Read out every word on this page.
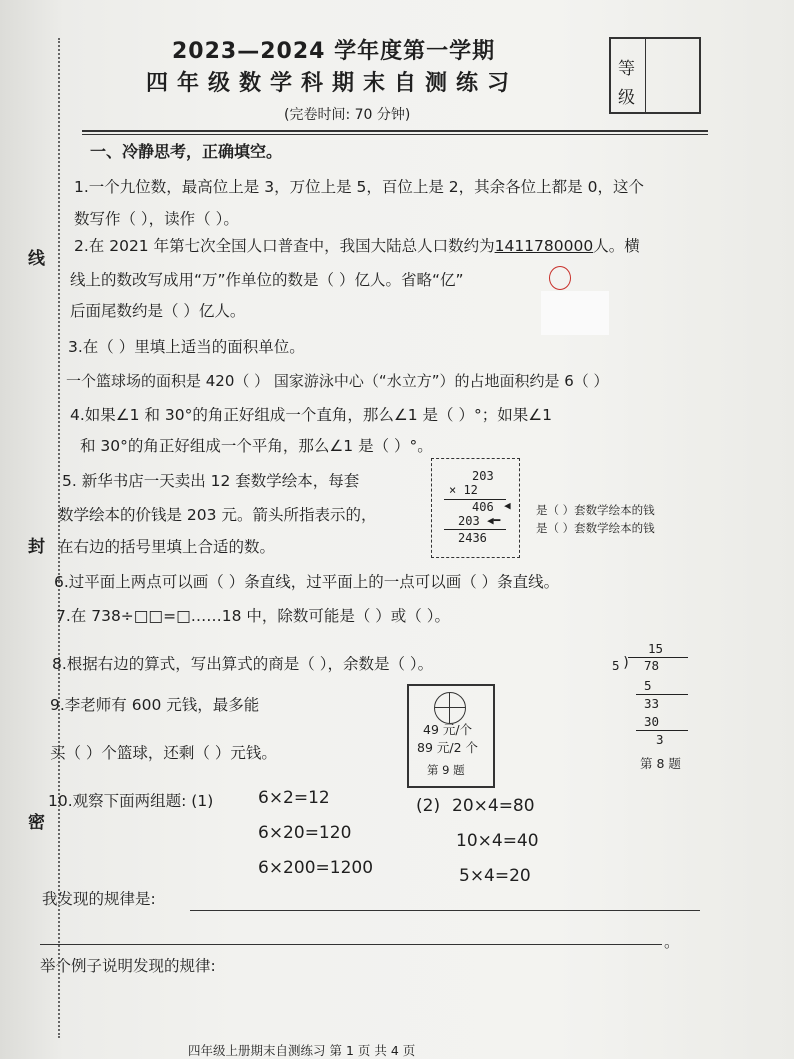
线
封
密
2023—2024 学年度第一学期
四年级数学科期末自测练习
(完卷时间: 70 分钟)
等
级
一、冷静思考，正确填空。
1.一个九位数，最高位上是 3，万位上是 5，百位上是 2，其余各位上都是 0，这个
数写作（ ），读作（ ）。
2.在 2021 年第七次全国人口普查中，我国大陆总人口数约为1411780000人。横
线上的数改写成用“万”作单位的数是（ ）亿人。省略“亿”
后面尾数约是（ ）亿人。
3.在（ ）里填上适当的面积单位。
一个篮球场的面积是 420（ ） 国家游泳中心（“水立方”）的占地面积约是 6（ ）
4.如果∠1 和 30°的角正好组成一个直角，那么∠1 是（ ）°；如果∠1
和 30°的角正好组成一个平角，那么∠1 是（ ）°。
5. 新华书店一天卖出 12 套数学绘本，每套
数学绘本的价钱是 203 元。箭头所指表示的，
在右边的括号里填上合适的数。
203
× 12
406 ◀
203 ◀━
2436
是（ ）套数学绘本的钱
是（ ）套数学绘本的钱
6.过平面上两点可以画（ ）条直线，过平面上的一点可以画（ ）条直线。
7.在 738÷□□=□……18 中，除数可能是（ ）或（ ）。
8.根据右边的算式，写出算式的商是（ ），余数是（ ）。
15
5 ) 78
5
33
30
3
第 8 题
9.李老师有 600 元钱，最多能
买（ ）个篮球，还剩（ ）元钱。
49 元/个
89 元/2 个
第 9 题
10.观察下面两组题: (1)	6×2=12
6×20=120
6×200=1200
(2) 20×4=80
10×4=40
5×4=20
我发现的规律是:
。
举个例子说明发现的规律:
四年级上册期末自测练习 第 1 页 共 4 页
